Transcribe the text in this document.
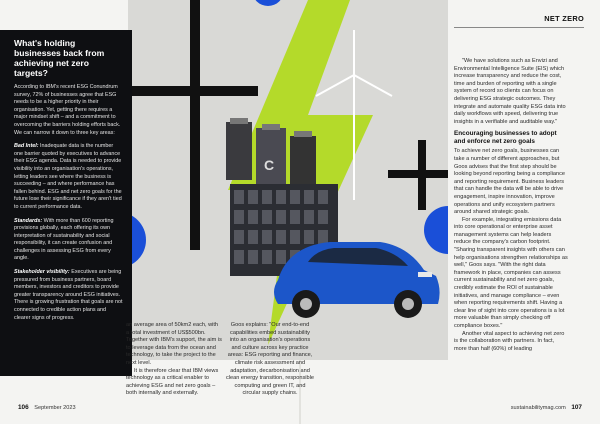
C
What's holding businesses back from achieving net zero targets?

According to IBM's recent ESG Conundrum survey, 72% of businesses agree that ESG needs to be a higher priority in their organisation. Yet, getting there requires a major mindset shift – and a commitment to overcoming the barriers holding efforts back. We can narrow it down to three key areas:

Bad Intel: Inadequate data is the number one barrier quoted by executives to advance their ESG agenda. Data is needed to provide visibility into an organisation's operations, letting leaders see where the business is succeeding – and where performance has fallen behind. ESG and net zero goals for the future lose their significance if they aren't tied to current performance data.

Standards: With more than 600 reporting provisions globally, each offering its own interpretation of sustainability and social responsibility, it can create confusion and challenges in assessing ESG from every angle.

Stakeholder visibility: Executives are being pressured from business partners, board members, investors and creditors to provide greater transparency around ESG initiatives. There is growing frustration that goals are not connected to credible action plans and clearer signs of progress.

an average area of 50km2 each, with a total investment of US$500bn. Together with IBM's support, the aim is to leverage data from the ocean and technology, to take the project to the next level.

It is therefore clear that IBM views technology as a critical enabler to achieving ESG and net zero goals – both internally and externally.

Goos explains: "Our end-to-end capabilities embed sustainability into an organisation's operations and culture across key practice areas: ESG reporting and finance, climate risk assessment and adaptation, decarbonisation and clean energy transition, responsible computing and green IT, and circular supply chains.

NET ZERO

"We have solutions such as Envizi and Environmental Intelligence Suite (EIS) which increase transparency and reduce the cost, time and burden of reporting with a single system of record so clients can focus on delivering ESG strategic outcomes. They integrate and automate quality ESG data into daily workflows with speed, delivering true insights in a verifiable and auditable way."

Encouraging businesses to adopt and enforce net zero goals

To achieve net zero goals, businesses can take a number of different approaches, but Goos advises that the first step should be looking beyond reporting being a compliance and reporting requirement. Business leaders that can handle the data will be able to drive engagement, inspire innovation, improve operations and unify ecosystem partners around shared strategic goals.

For example, integrating emissions data into core operational or enterprise asset management systems can help leaders reduce the company's carbon footprint. "Sharing transparent insights with others can help organisations strengthen relationships as well," Goos says. "With the right data framework in place, companies can assess current sustainability and net zero goals, credibly estimate the ROI of sustainable initiatives, and manage compliance – even when reporting requirements shift. Having a clear line of sight into core operations is a lot more valuable than simply checking off compliance boxes."

Another vital aspect to achieving net zero is the collaboration with partners. In fact, more than half (60%) of leading

106 September 2023	sustainabilitymag.com 107
